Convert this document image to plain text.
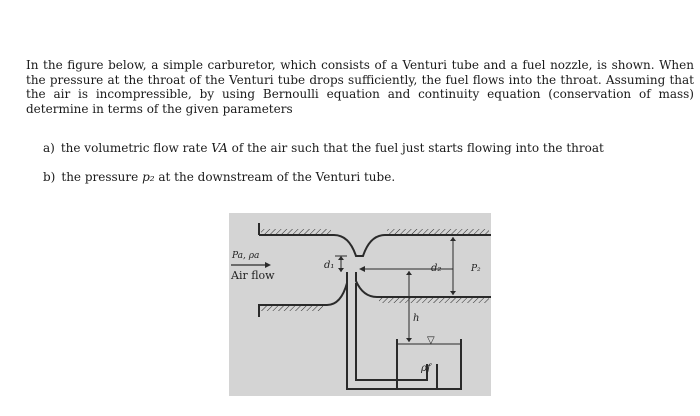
In the figure below, a simple carburetor, which consists of a Venturi tube and a fuel nozzle, is shown. When the pressure at the throat of the Venturi tube drops sufficiently, the fuel flows into the throat. Assuming that the air is incompressible, by using Bernoulli equation and continuity equation (conservation of mass) determine in terms of the given parameters

a) the volumetric flow rate VA of the air such that the fuel just starts flowing into the throat

b) the pressure p₂ at the downstream of the Venturi tube.

Pa, ρa
Air flow
d₁	d₂	P₂
h
ρf
▽
